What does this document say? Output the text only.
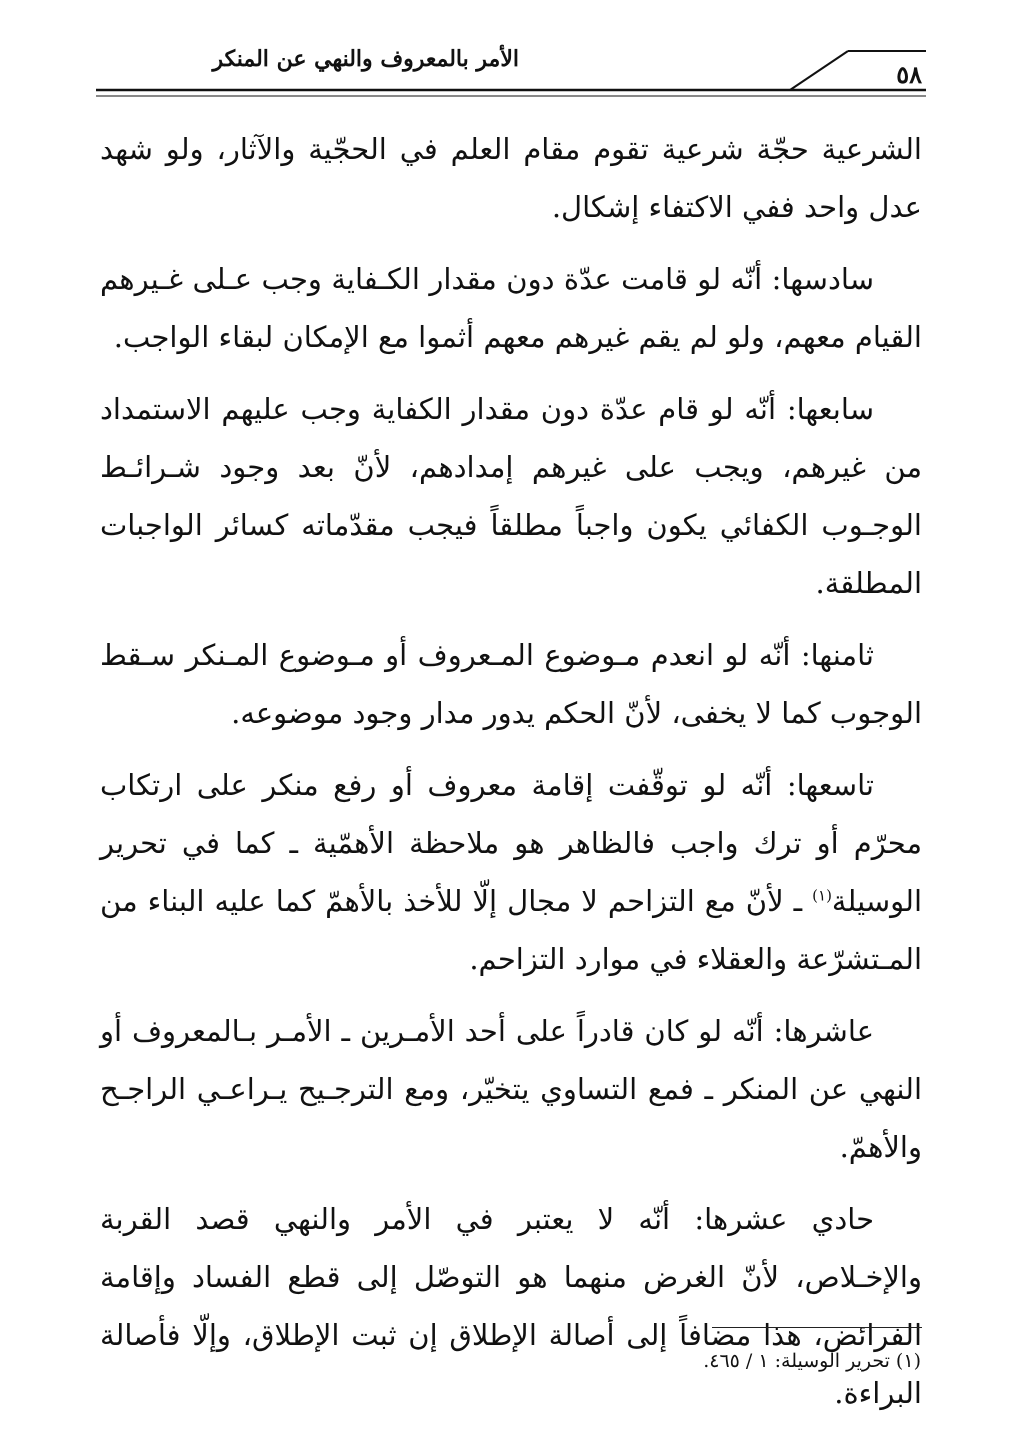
الأمر بالمعروف والنهي عن المنكر
٥٨

الشرعية حجّة شرعية تقوم مقام العلم في الحجّية والآثار، ولو شهد عدل واحد ففي الاكتفاء إشكال.

سادسها: أنّه لو قامت عدّة دون مقدار الكـفاية وجب عـلى غـيرهم القيام معهم، ولو لم يقم غيرهم معهم أثموا مع الإمكان لبقاء الواجب.

سابعها: أنّه لو قام عدّة دون مقدار الكفاية وجب عليهم الاستمداد من غيرهم، ويجب على غيرهم إمدادهم، لأنّ بعد وجود شـرائـط الوجـوب الكفائي يكون واجباً مطلقاً فيجب مقدّماته كسائر الواجبات المطلقة.

ثامنها: أنّه لو انعدم مـوضوع المـعروف أو مـوضوع المـنكر سـقط الوجوب كما لا يخفى، لأنّ الحكم يدور مدار وجود موضوعه.

تاسعها: أنّه لو توقّفت إقامة معروف أو رفع منكر على ارتكاب محرّم أو ترك واجب فالظاهر هو ملاحظة الأهمّية ـ كما في تحرير الوسيلة$^{(١)}$ ـ لأنّ مع التزاحم لا مجال إلّا للأخذ بالأهمّ كما عليه البناء من المـتشرّعة والعقلاء في موارد التزاحم.

عاشرها: أنّه لو كان قادراً على أحد الأمـرين ـ الأمـر بـالمعروف أو النهي عن المنكر ـ فمع التساوي يتخيّر، ومع الترجـيح يـراعـي الراجـح والأهمّ.

حادي عشرها: أنّه لا يعتبر في الأمر والنهي قصد القربة والإخـلاص، لأنّ الغرض منهما هو التوصّل إلى قطع الفساد وإقامة الفرائض، هذا مضافاً إلى أصالة الإطلاق إن ثبت الإطلاق، وإلّا فأصالة البراءة.

(١) تحرير الوسيلة: ١ / ٤٦٥.
